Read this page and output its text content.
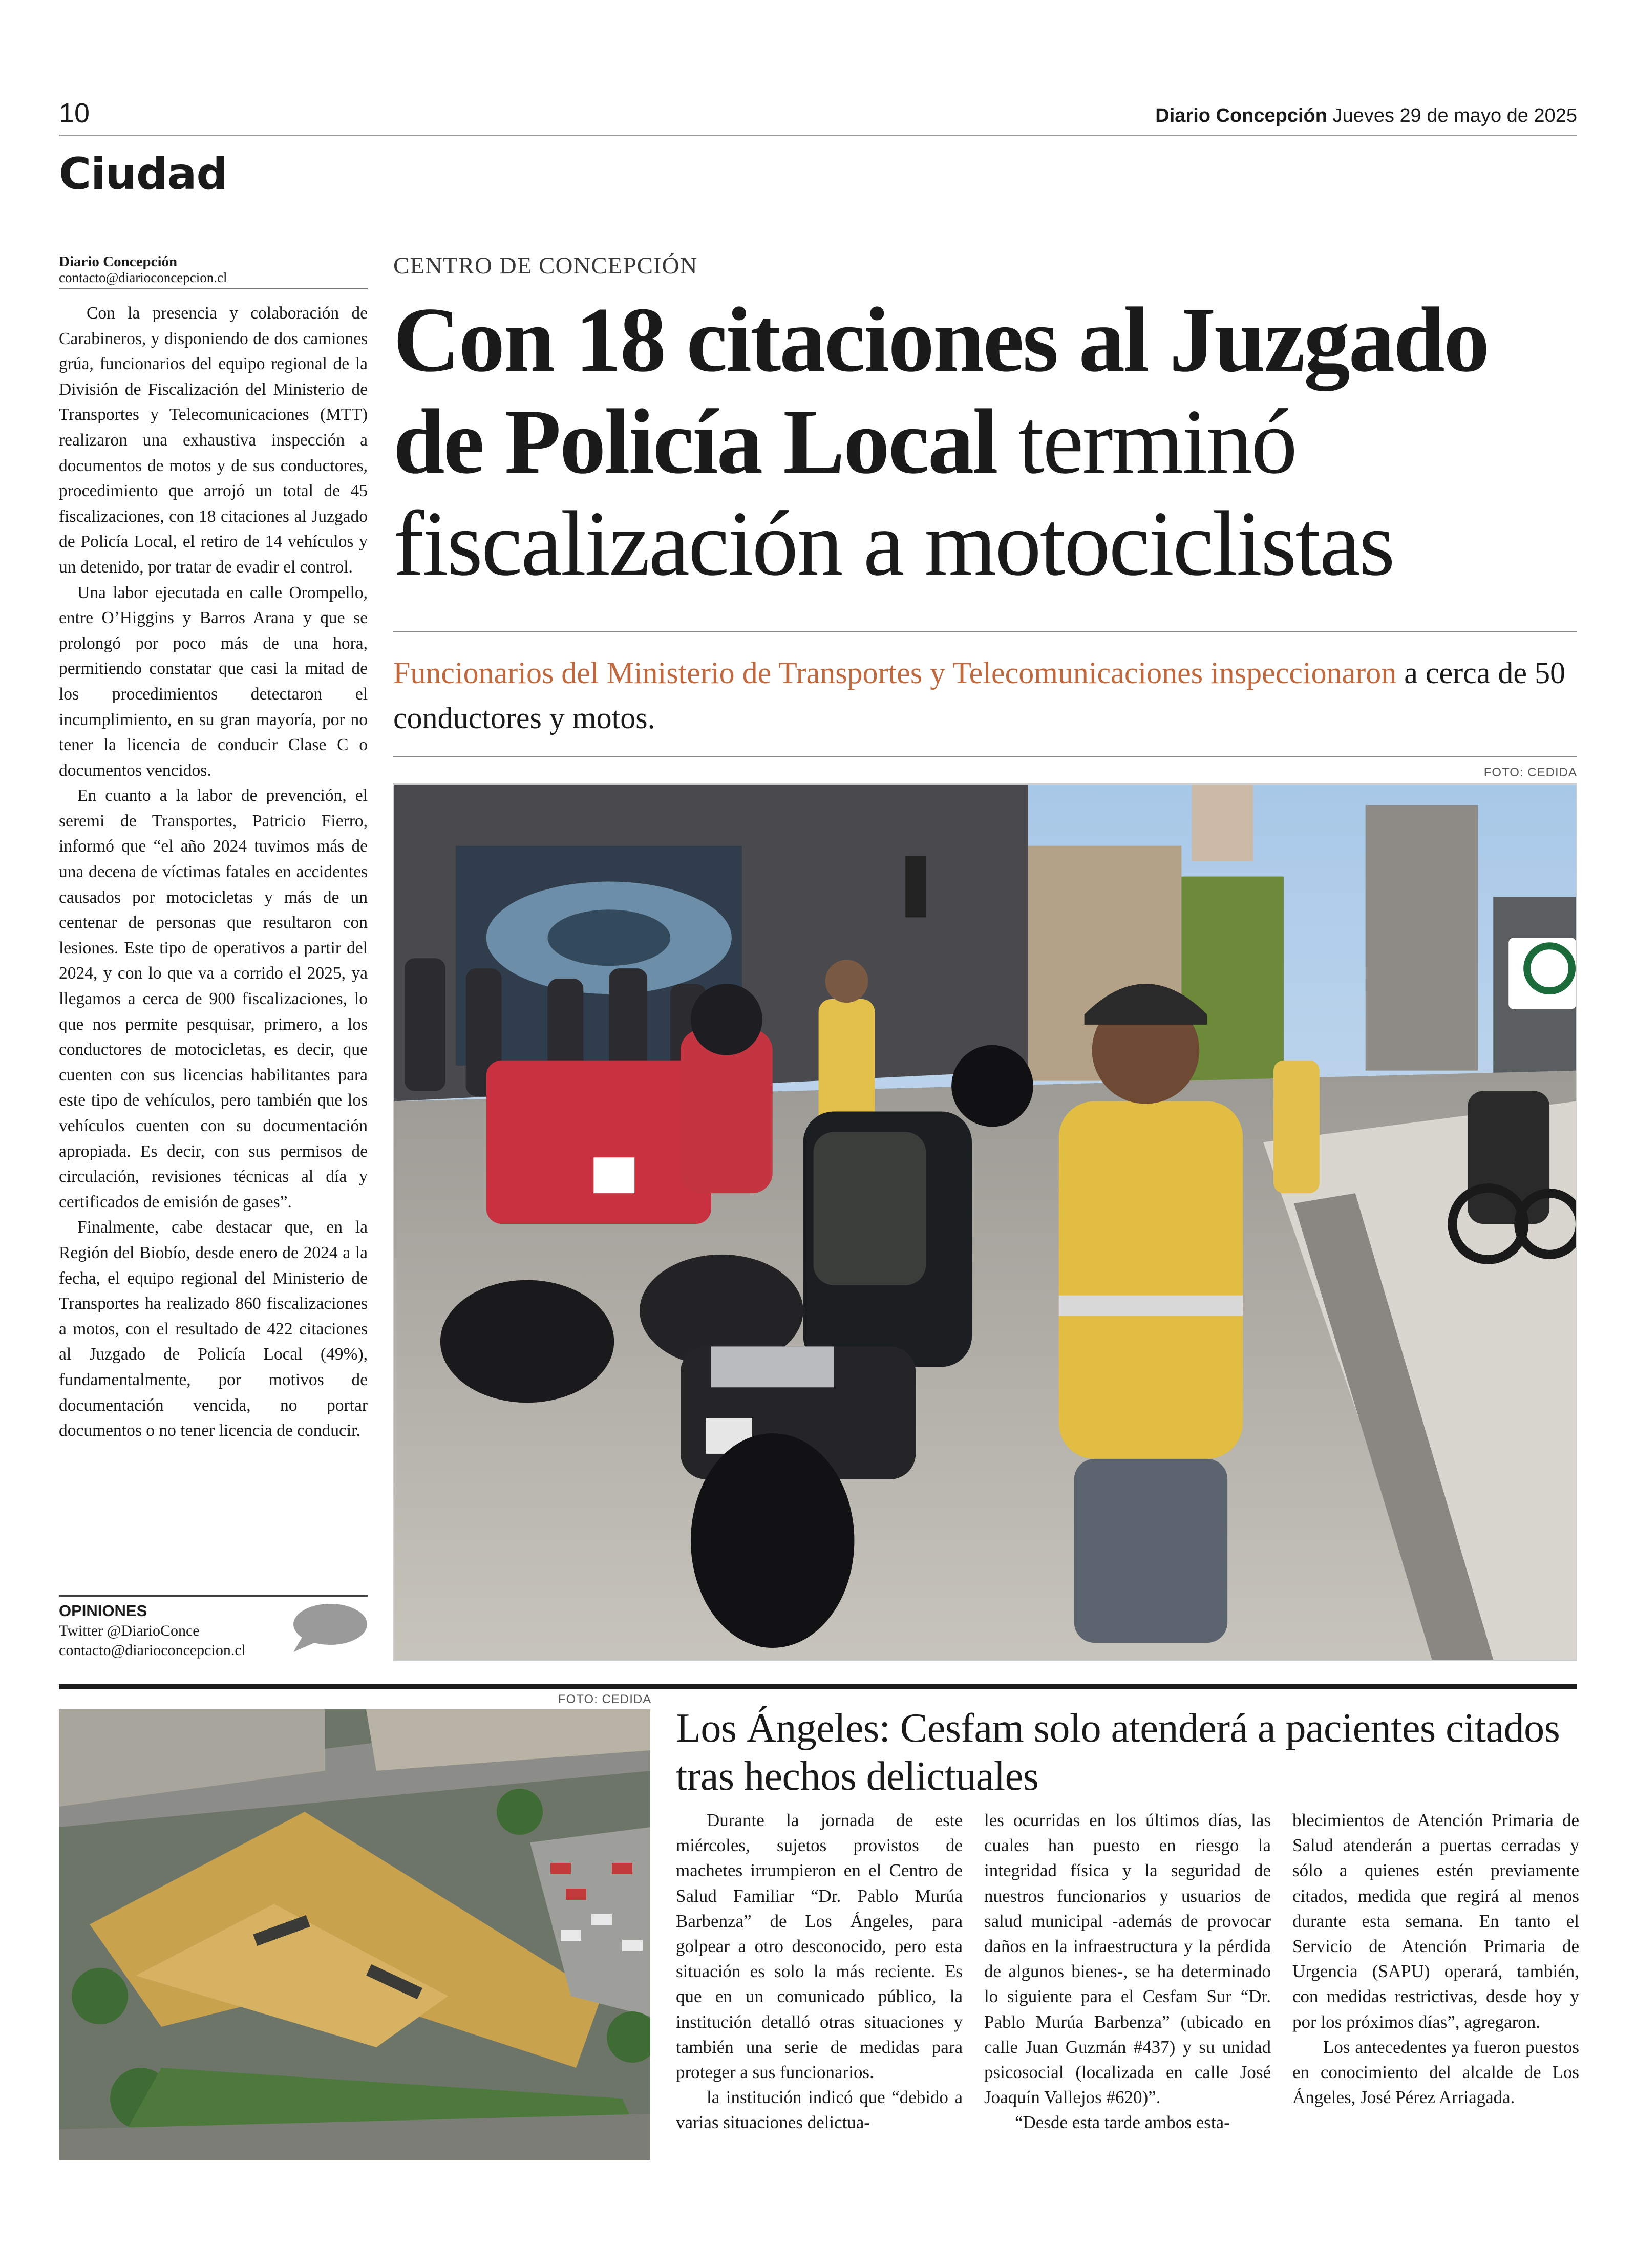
10	Diario Concepción Jueves 29 de mayo de 2025
Ciudad
Diario Concepción
contacto@diarioconcepcion.cl

Con la presencia y colaboración de Carabineros, y disponiendo de dos camiones grúa, funcionarios del equipo regional de la División de Fiscalización del Ministerio de Transportes y Telecomunicaciones (MTT) realizaron una exhaustiva inspección a documentos de motos y de sus conductores, procedimiento que arrojó un total de 45 fiscalizaciones, con 18 citaciones al Juzgado de Policía Local, el retiro de 14 vehículos y un detenido, por tratar de evadir el control.

Una labor ejecutada en calle Orompello, entre O’Higgins y Barros Arana y que se prolongó por poco más de una hora, permitiendo constatar que casi la mitad de los procedimientos detectaron el incumplimiento, en su gran mayoría, por no tener la licencia de conducir Clase C o documentos vencidos.

En cuanto a la labor de prevención, el seremi de Transportes, Patricio Fierro, informó que “el año 2024 tuvimos más de una decena de víctimas fatales en accidentes causados por motocicletas y más de un centenar de personas que resultaron con lesiones. Este tipo de operativos a partir del 2024, y con lo que va a corrido el 2025, ya llegamos a cerca de 900 fiscalizaciones, lo que nos permite pesquisar, primero, a los conductores de motocicletas, es decir, que cuenten con sus licencias habilitantes para este tipo de vehículos, pero también que los vehículos cuenten con su documentación apropiada. Es decir, con sus permisos de circulación, revisiones técnicas al día y certificados de emisión de gases”.

Finalmente, cabe destacar que, en la Región del Biobío, desde enero de 2024 a la fecha, el equipo regional del Ministerio de Transportes ha realizado 860 fiscalizaciones a motos, con el resultado de 422 citaciones al Juzgado de Policía Local (49%), fundamentalmente, por motivos de documentación vencida, no portar documentos o no tener licencia de conducir.

OPINIONES
Twitter @DiarioConce
contacto@diarioconcepcion.cl
CENTRO DE CONCEPCIÓN
Con 18 citaciones al Juzgado de Policía Local terminó fiscalización a motociclistas
Funcionarios del Ministerio de Transportes y Telecomunicaciones inspeccionaron a cerca de 50 conductores y motos.
FOTO: CEDIDA
FOTO: CEDIDA
Los Ángeles: Cesfam solo atenderá a pacientes citados tras hechos delictuales

Durante la jornada de este miércoles, sujetos provistos de machetes irrumpieron en el Centro de Salud Familiar “Dr. Pablo Murúa Barbenza” de Los Ángeles, para golpear a otro desconocido, pero esta situación es solo la más reciente. Es que en un comunicado público, la institución detalló otras situaciones y también una serie de medidas para proteger a sus funcionarios.

la institución indicó que “debido a varias situaciones delictua-

les ocurridas en los últimos días, las cuales han puesto en riesgo la integridad física y la seguridad de nuestros funcionarios y usuarios de salud municipal -además de provocar daños en la infraestructura y la pérdida de algunos bienes-, se ha determinado lo siguiente para el Cesfam Sur “Dr. Pablo Murúa Barbenza” (ubicado en calle Juan Guzmán #437) y su unidad psicosocial (localizada en calle José Joaquín Vallejos #620)”.

“Desde esta tarde ambos esta-

blecimientos de Atención Primaria de Salud atenderán a puertas cerradas y sólo a quienes estén previamente citados, medida que regirá al menos durante esta semana. En tanto el Servicio de Atención Primaria de Urgencia (SAPU) operará, también, con medidas restrictivas, desde hoy y por los próximos días”, agregaron.

Los antecedentes ya fueron puestos en conocimiento del alcalde de Los Ángeles, José Pérez Arriagada.
